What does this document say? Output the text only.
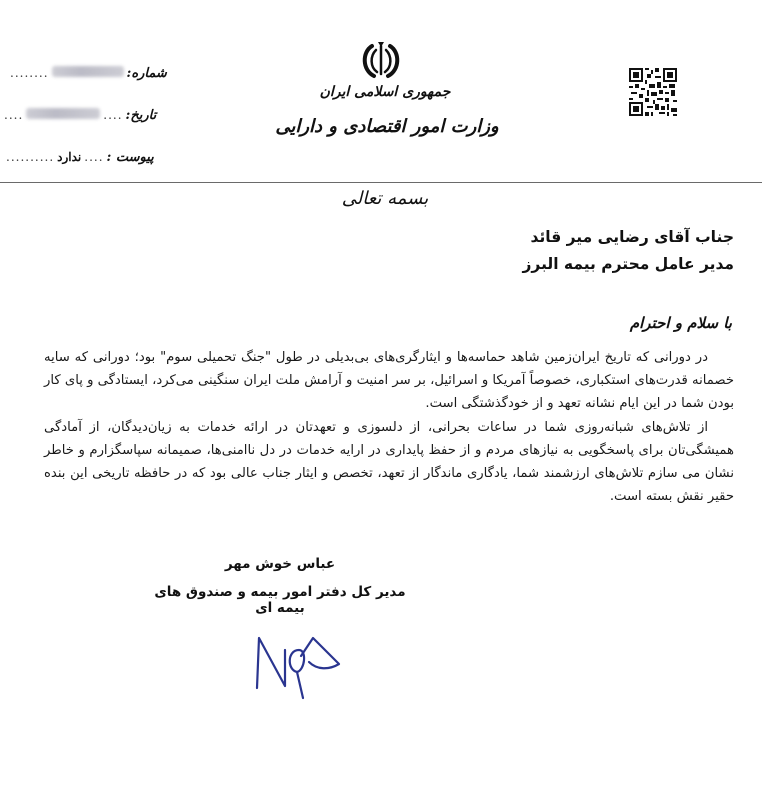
شماره:
........
تاریخ:
....
....
پیوست :
....
ندارد
..........
جمهوری اسلامی ایران
وزارت امور اقتصادی و دارایی
بسمه تعالی
جناب آقای رضایی میر قائد
مدیر عامل محترم بیمه البرز
با سلام و احترام

در دورانی که تاریخ ایران‌زمین شاهد حماسه‌ها و ایثارگری‌های بی‌بدیلی در طول "جنگ تحمیلی سوم" بود؛ دورانی که سایه خصمانه قدرت‌های استکباری، خصوصاً آمریکا و اسرائیل، بر سر امنیت و آرامش ملت ایران سنگینی می‌کرد، ایستادگی و پای کار بودن شما در این ایام نشانه تعهد و از خودگذشتگی است.

از تلاش‌های شبانه‌روزی شما در ساعات بحرانی، از دلسوزی و تعهدتان در ارائه خدمات به زیان‌دیدگان، از آمادگی همیشگی‌تان برای پاسخگویی به نیازهای مردم و از حفظ پایداری در ارایه خدمات در دل نا‌امنی‌ها، صمیمانه سپاسگزارم و خاطر نشان می سازم تلاش‌های ارزشمند شما، یادگاری ماندگار از تعهد، تخصص و ایثار جناب عالی بود که در حافظه تاریخی این بنده حقیر نقش بسته است.

عباس خوش مهر
مدیر کل دفتر امور بیمه و صندوق های بیمه ای
